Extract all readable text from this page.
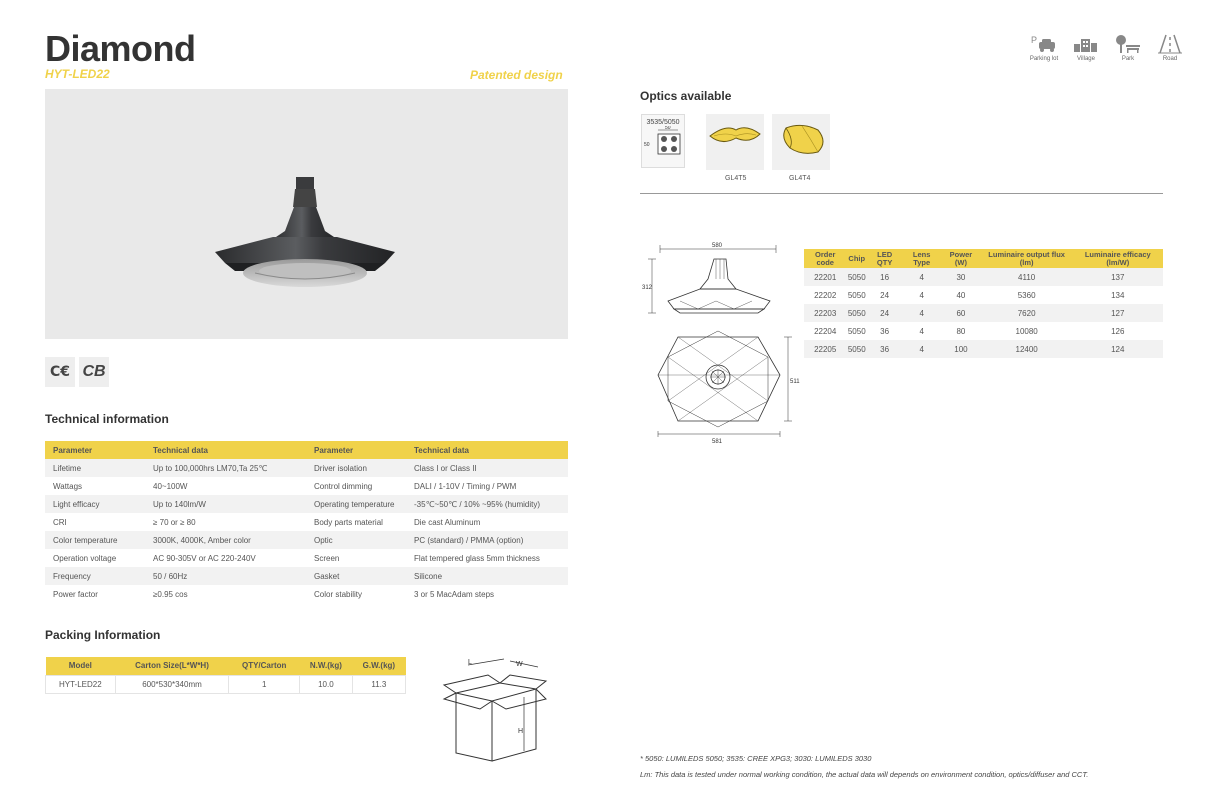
Diamond
HYT-LED22	Patented design
P
Parking lot	Village	Park	Road
C€ CB
Technical information
Parameter	Technical data	Parameter	Technical data
Lifetime	Up to 100,000hrs LM70,Ta 25℃	Driver isolation	Class I or Class II
Wattags	40~100W	Control dimming	DALI / 1-10V / Timing / PWM
Light efficacy	Up to 140lm/W	Operating temperature	-35℃~50℃ / 10% ~95% (humidity)
CRI	≥ 70 or ≥ 80	Body parts material	Die cast Aluminum
Color temperature	3000K, 4000K, Amber color	Optic	PC (standard) / PMMA (option)
Operation voltage	AC 90-305V or AC 220-240V	Screen	Flat tempered glass 5mm thickness
Frequency	50 / 60Hz	Gasket	Silicone
Power factor	≥0.95 cos	Color stability	3 or 5 MacAdam steps
Packing Information
Model	Carton Size(L*W*H)	QTY/Carton	N.W.(kg)	G.W.(kg)
HYT-LED22	600*530*340mm	1	10.0	11.3
L	W
H
Optics available
3535/5050
50
50
GL4T5	GL4T4
580
312
581
511
Order code	Chip	LED QTY	Lens Type	Power (W)	Luminaire output flux (lm)	Luminaire efficacy (lm/W)
22201	5050	16	4	30	4110	137
22202	5050	24	4	40	5360	134
22203	5050	24	4	60	7620	127
22204	5050	36	4	80	10080	126
22205	5050	36	4	100	12400	124
* 5050: LUMILEDS 5050; 3535: CREE XPG3; 3030: LUMILEDS 3030
Lm: This data is tested under normal working condition, the actual data will depends on environment condition, optics/diffuser and CCT.
